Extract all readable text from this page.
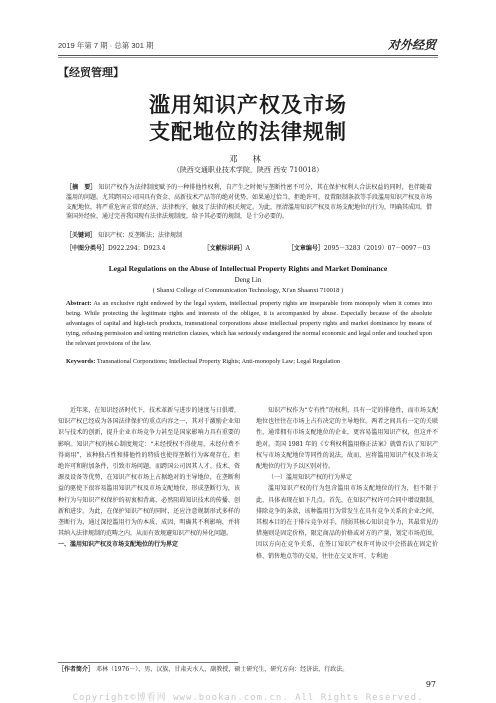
2019 年第 7 期 · 总第 301 期	对外经贸
【经贸管理】
滥用知识产权及市场
支配地位的法律规制
邓 林
（陕西交通职业技术学院，陕西 西安 710018）
［摘　要］ 知识产权作为法律制度赋予的一种排他性权利，自产生之时便与垄断性密不可分，其在保护权利人合法权益的同时，也伴随着滥用的问题。尤其跨国公司国具有资金、高新技术产品等的绝对优势，如果通过恰当，拒绝许可，设置限制条款等手段滥用知识产权及市场支配地位，将严重危害正常的经济、法律秩序，触及了法律的相关规定。为此，厘清滥用知识产权及市场支配地位的行为，明确其成因，借鉴国外经验，通过完善我国现有法律法规制度，给予其必要的规制，是十分必要的。
［关键词］ 知识产权；反垄断法；法律规制
［中图分类号］D922.294；D923.4	［文献标识码］A	［文章编号］2095－3283（2019）07－0097－03
Legal Regulations on the Abuse of Intellectual Property Rights and Market Dominance
Deng Lin
( Shanxi College of Communication Technology, Xi'an Shaanxi 710018 )
Abstract: As an exclusive right endowed by the legal system, intellectual property rights are inseparable from monopoly when it comes into being. While protecting the legitimate rights and interests of the obligee, it is accompanied by abuse. Especially because of the absolute advantages of capital and high-tech products, transnational corporations abuse intellectual property rights and market dominance by means of tying, refusing permission and setting restriction clauses, which has seriously endangered the normal economic and legal order and touched upon the relevant provisions of the law.
Keywords: Transnational Corporations; Intellectual Property Rights; Anti-monopoly Law; Legal Regulation
近年来，在知识经济时代下，技术革新与进步的速度与日俱增，知识产权已经成为各国法律保护的重点内容之一，其对于激励企业知识与技术的创新，提升企业市场竞争力甚至是国家影响力具有重要的影响。知识产权的核心制度规定：“未经授权不得使用，未经付费不得商用”，该种独占性和排他性的特质也使得垄断行为客观存在，拒绝许可和附加条件，引致市场问题，而跨国公司因其人才、技术、资源及设备等优势，在知识产权市场上占据绝对的主导地位，在垄断利益的驱使下很容易滥用知识产权及市场支配地位，形成垄断行为，该种行为与知识产权保护的初衷相背离，必然阻碍知识技术的传播、创新和进步。为此，在保护知识产权的同时，还应注意规制形式多样的垄断行为，通过深挖滥用行为的本质、成因，明确其不利影响，并将其纳入法律规制的范畴之内，从而有效规避知识产权的异化问题。
一、滥用知识产权及市场支配地位的行为界定
知识产权作为“专有性”的权利，具有一定的排他性，而市场支配地位也往往在市场上占有决定的主导地位。两者之间具有一定的关联性，通常拥有市场支配地位的企业，更容易滥用知识产权，但这并不绝对。美国 1981 年的《专利权利滥用修正法案》就曾否认了知识产权与市场支配地位等同性的说法，故而，应将滥用知识产权及市场支配地位的行为予以区别对待。
（一）滥用知识产权的行为界定
滥用知识产权的行为包含滥用市场支配地位的行为，但不限于此，具体表现在如下几点。首先，在知识产权许可合同中增设限制，排除竞争的条款，该种滥用行为常发生在具有竞争关系的企业之间，其根本目的在于排斥竞争对手，削弱其核心知识竞争力，其最常见的措施则是固定价格，限定商品的价格或对方的产量，划定市场范围，因以方向在竞争关系，在签订知识产权许可协议中会搭载在固定价格、销售地点等的交易，往往在交叉许可、专利池
［作者简介］ 邓林（1976－），男，汉族，甘肃天水人，副教授，硕士研究生，研究方向：经济法、行政法。
97
Copyright©博看网 www.bookan.com.cn. All Rights Reserved.
